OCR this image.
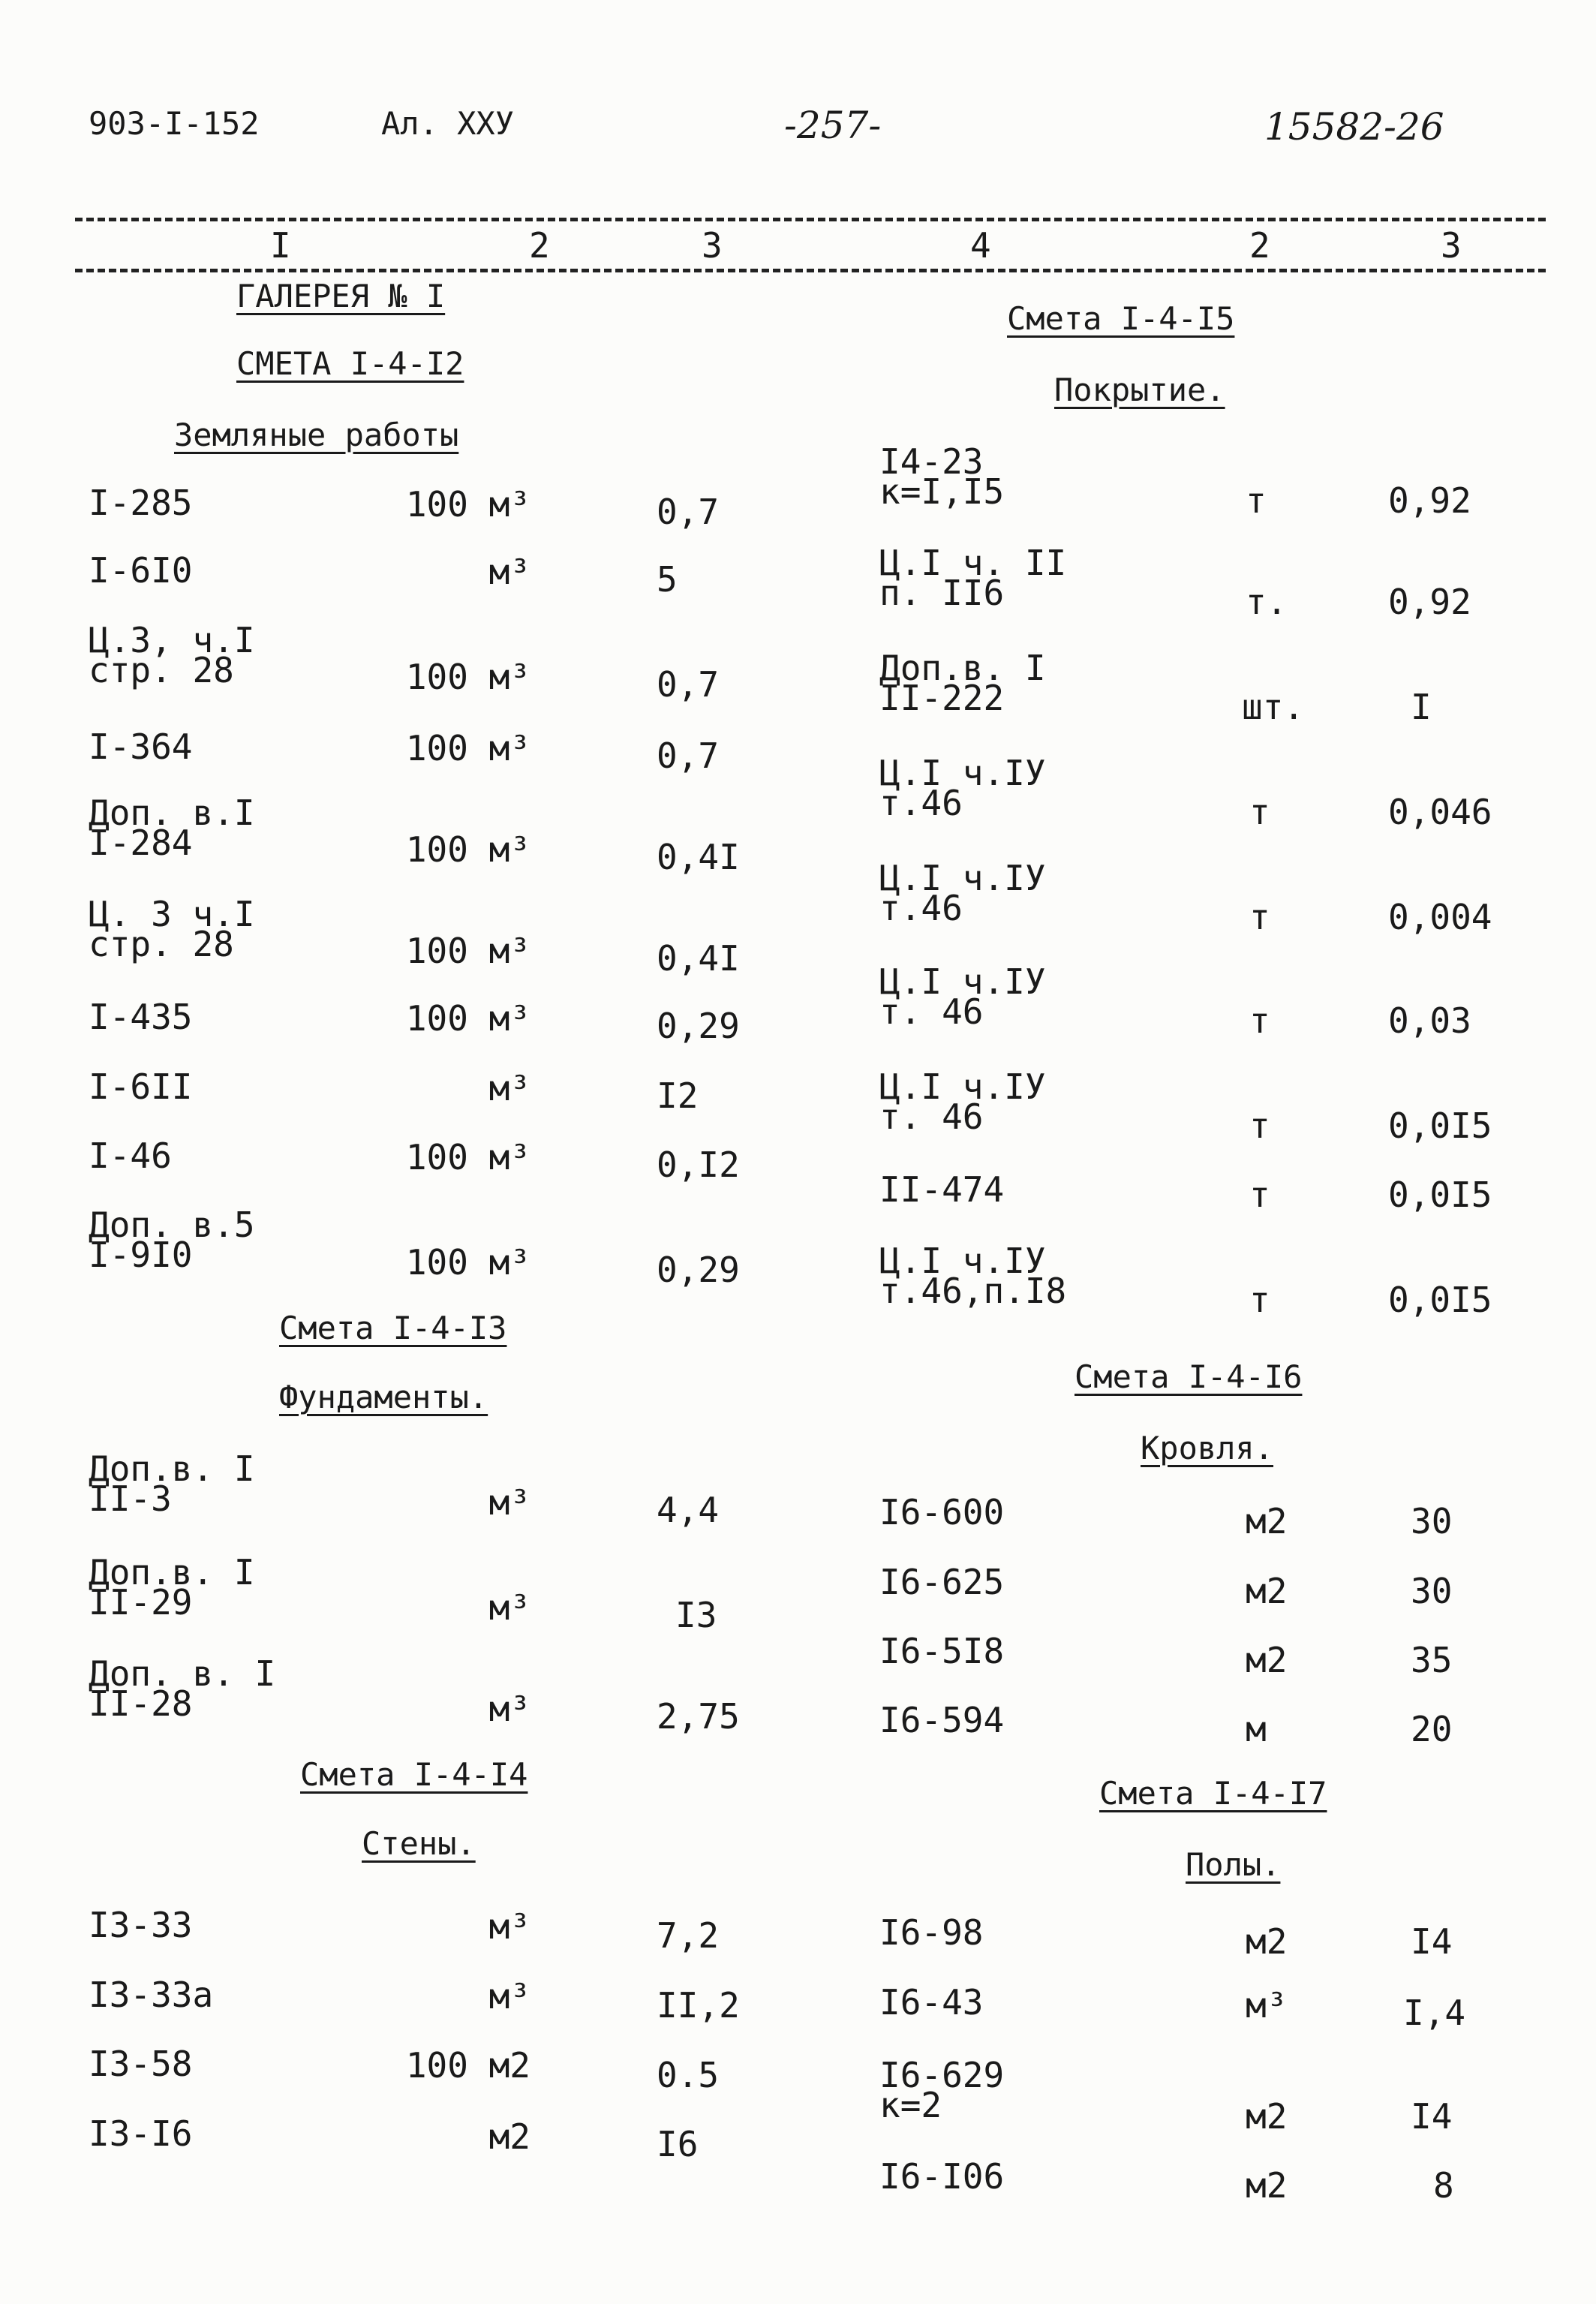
903-I-152	Ал. ХХУ	-257-	15582-26
I	2	3	4	2	3
ГАЛЕРЕЯ № I
СМЕТА I-4-I2
Земляные работы
Смета I-4-I3
Фундаменты.
Смета I-4-I4
Стены.
Смета I-4-I5
Покрытие.
Смета I-4-I6
Кровля.
Смета I-4-I7
Полы.
I-285	100 м³	0,7
I-6I0	м³	5
Ц.3, ч.I
стр. 28	100 м³	0,7
I-364	100 м³	0,7
Доп. в.I
I-284	100 м³	0,4I
Ц. 3 ч.I
стр. 28	100 м³	0,4I
I-435	100 м³	0,29
I-6II	м³	I2
I-46	100 м³	0,I2
Доп. в.5
I-9I0	100 м³	0,29
Доп.в. I
II-3	м³	4,4
Доп.в. I
II-29	м³	I3
Доп. в. I
II-28	м³	2,75
I3-33	м³	7,2
I3-33а	м³	II,2
I3-58	100 м2	0.5
I3-I6	м2	I6
I4-23
к=I,I5	т	0,92
Ц.I ч. II
п. II6	т.	0,92
Доп.в. I
II-222	шт.	I
Ц.I ч.IУ
т.46	т	0,046
Ц.I ч.IУ
т.46	т	0,004
Ц.I ч.IУ
т. 46	т	0,03
Ц.I ч.IУ
т. 46	т	0,0I5
II-474	т	0,0I5
Ц.I ч.IУ
т.46,п.I8	т	0,0I5
I6-600	м2	30
I6-625	м2	30
I6-5I8	м2	35
I6-594	м	20
I6-98	м2	I4
I6-43	м³	I,4
I6-629
к=2	м2	I4
I6-I06	м2	8
